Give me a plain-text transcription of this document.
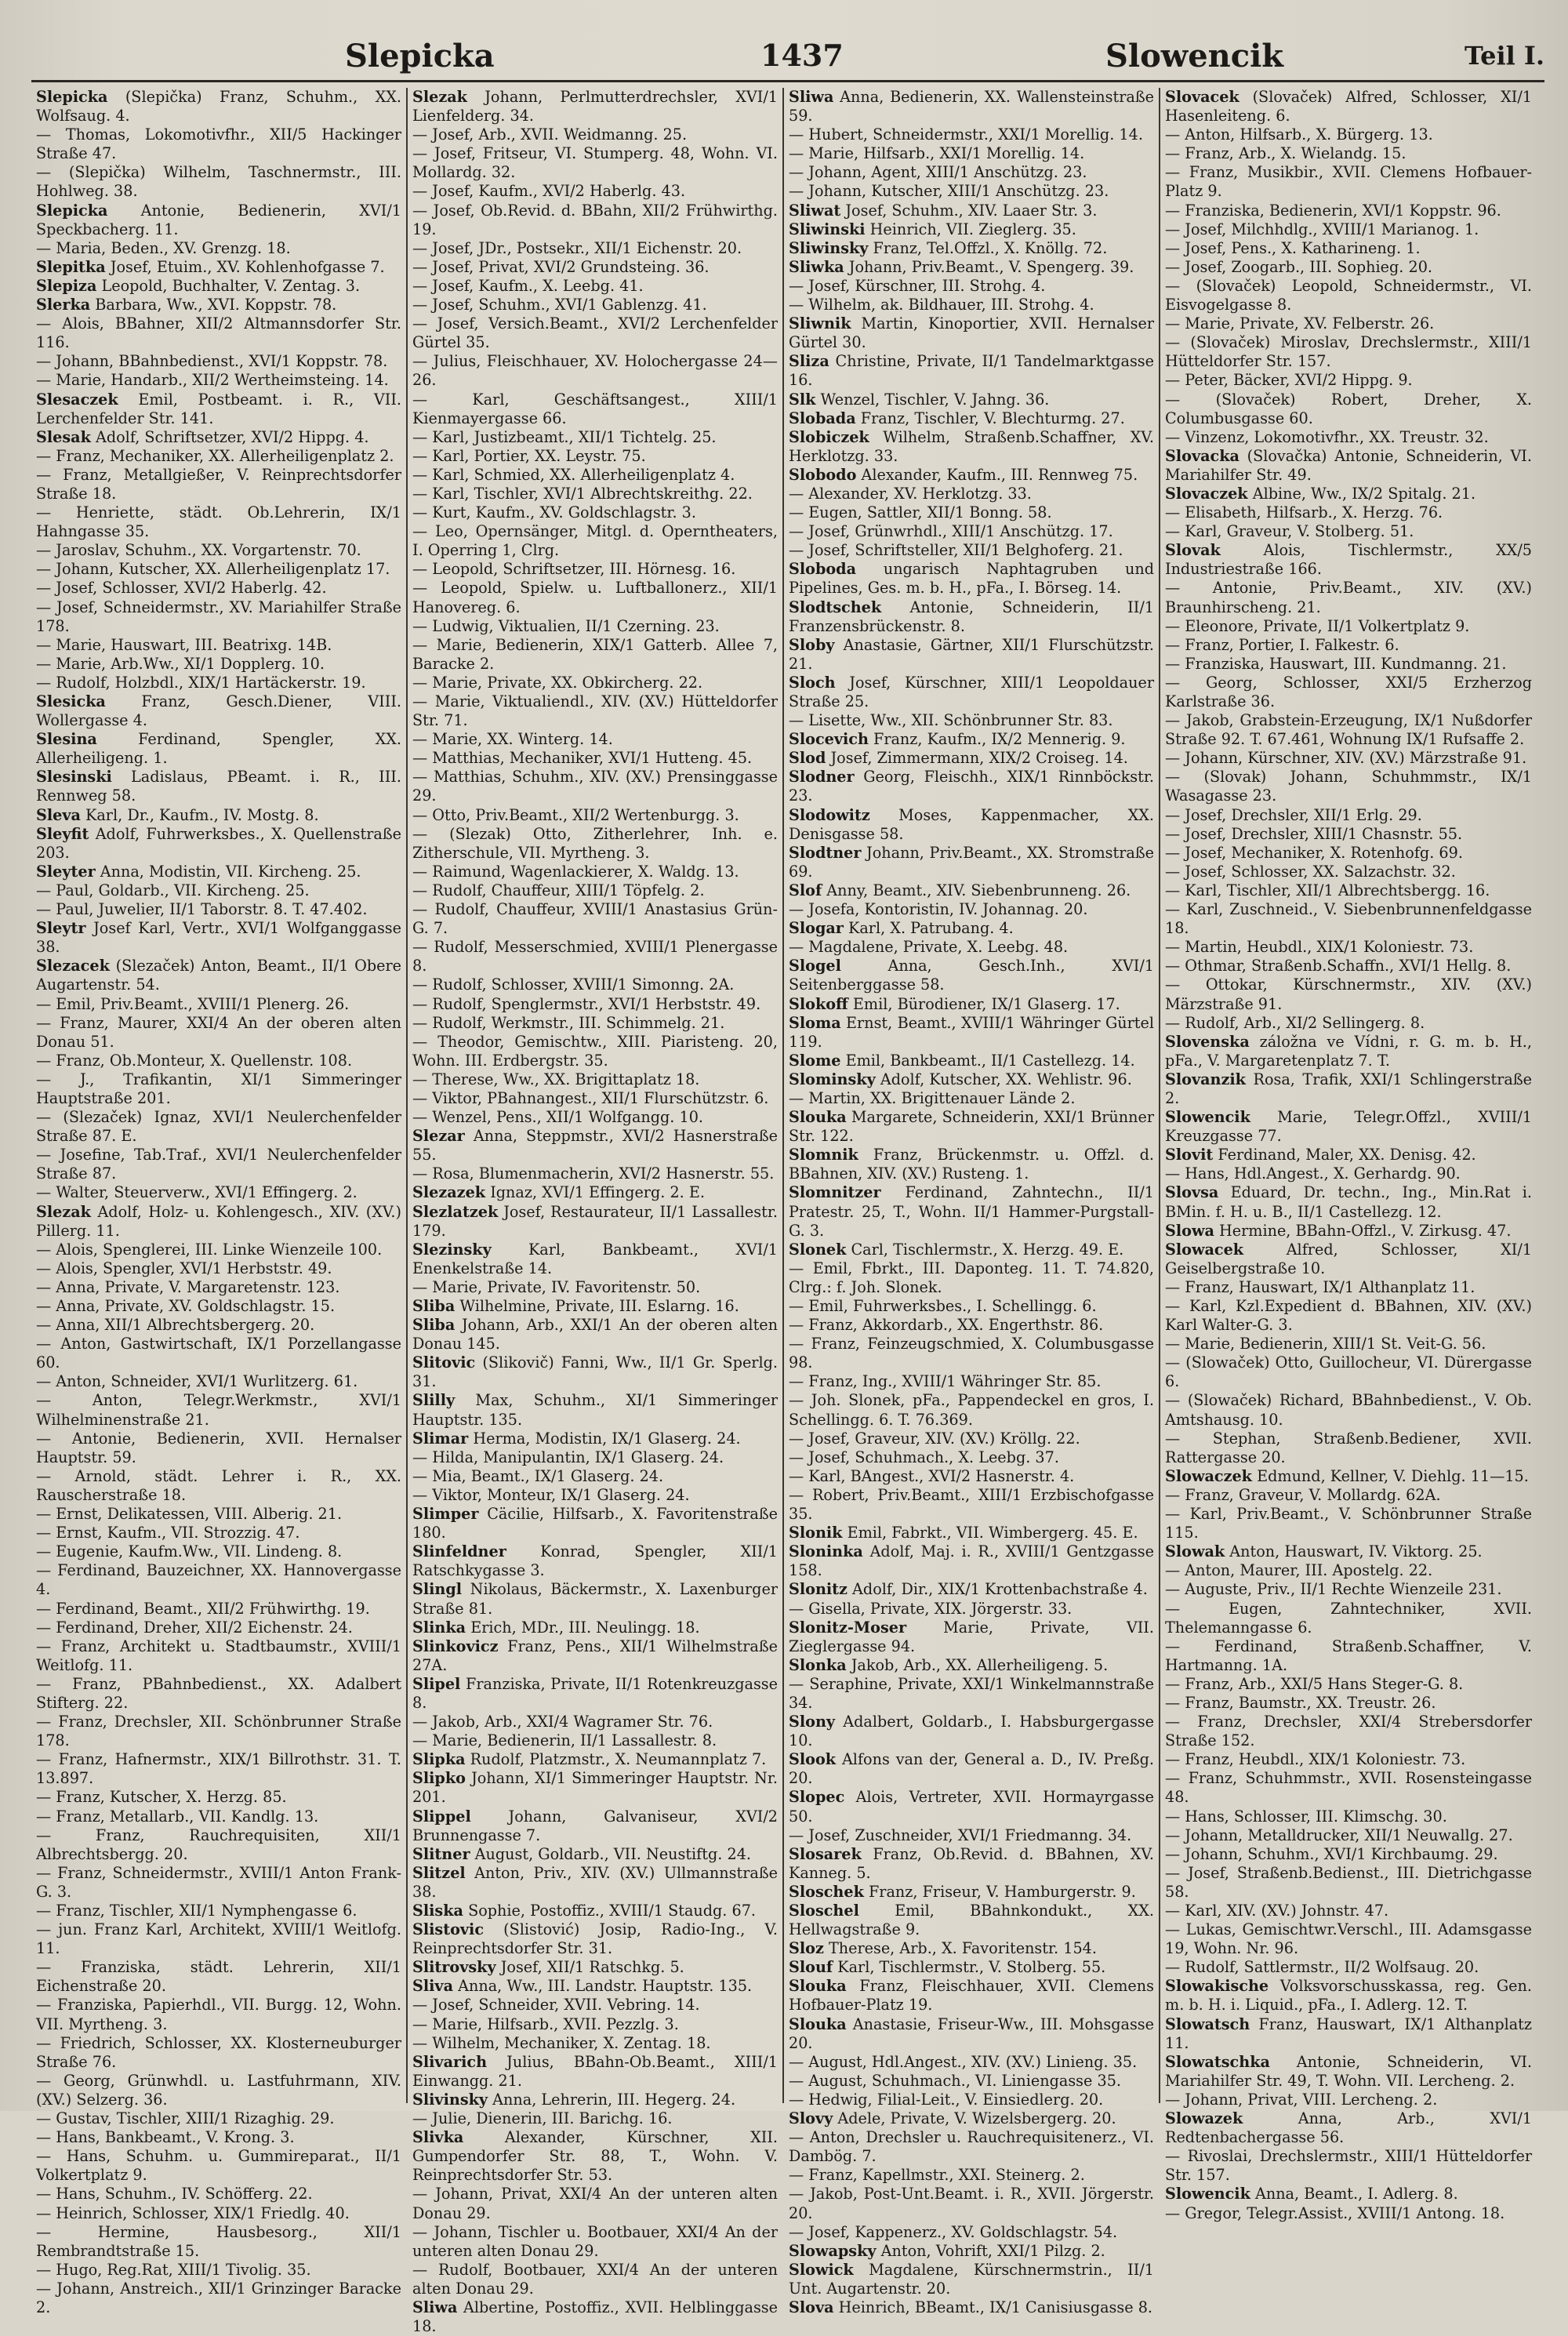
Slepicka	1437	Slowencik	Teil I.

Slepicka (Slepička) Franz, Schuhm., XX. Wolfsaug. 4.

— Thomas, Lokomotivfhr., XII/5 Hackinger Straße 47.

— (Slepička) Wilhelm, Taschnermstr., III. Hohlweg. 38.

Slepicka Antonie, Bedienerin, XVI/1 Speckbacherg. 11.

— Maria, Beden., XV. Grenzg. 18.

Slepitka Josef, Etuim., XV. Kohlenhofgasse 7.

Slepiza Leopold, Buchhalter, V. Zentag. 3.

Slerka Barbara, Ww., XVI. Koppstr. 78.

— Alois, BBahner, XII/2 Altmannsdorfer Str. 116.

— Johann, BBahnbedienst., XVI/1 Koppstr. 78.

— Marie, Handarb., XII/2 Wertheimsteing. 14.

Slesaczek Emil, Postbeamt. i. R., VII. Lerchenfelder Str. 141.

Slesak Adolf, Schriftsetzer, XVI/2 Hippg. 4.

— Franz, Mechaniker, XX. Allerheiligenplatz 2.

— Franz, Metallgießer, V. Reinprechtsdorfer Straße 18.

— Henriette, städt. Ob.Lehrerin, IX/1 Hahngasse 35.

— Jaroslav, Schuhm., XX. Vorgartenstr. 70.

— Johann, Kutscher, XX. Allerheiligenplatz 17.

— Josef, Schlosser, XVI/2 Haberlg. 42.

— Josef, Schneidermstr., XV. Mariahilfer Straße 178.

— Marie, Hauswart, III. Beatrixg. 14B.

— Marie, Arb.Ww., XI/1 Dopplerg. 10.

— Rudolf, Holzbdl., XIX/1 Hartäckerstr. 19.

Slesicka Franz, Gesch.Diener, VIII. Wollergasse 4.

Slesina Ferdinand, Spengler, XX. Allerheiligeng. 1.

Slesinski Ladislaus, PBeamt. i. R., III. Rennweg 58.

Sleva Karl, Dr., Kaufm., IV. Mostg. 8.

Sleyfit Adolf, Fuhrwerksbes., X. Quellenstraße 203.

Sleyter Anna, Modistin, VII. Kircheng. 25.

— Paul, Goldarb., VII. Kircheng. 25.

— Paul, Juwelier, II/1 Taborstr. 8. T. 47.402.

Sleytr Josef Karl, Vertr., XVI/1 Wolfganggasse 38.

Slezacek (Slezaček) Anton, Beamt., II/1 Obere Augartenstr. 54.

— Emil, Priv.Beamt., XVIII/1 Plenerg. 26.

— Franz, Maurer, XXI/4 An der oberen alten Donau 51.

— Franz, Ob.Monteur, X. Quellenstr. 108.

— J., Trafikantin, XI/1 Simmeringer Hauptstraße 201.

— (Slezaček) Ignaz, XVI/1 Neulerchenfelder Straße 87. E.

— Josefine, Tab.Traf., XVI/1 Neulerchenfelder Straße 87.

— Walter, Steuerverw., XVI/1 Effingerg. 2.

Slezak Adolf, Holz- u. Kohlengesch., XIV. (XV.) Pillerg. 11.

— Alois, Spenglerei, III. Linke Wienzeile 100.

— Alois, Spengler, XVI/1 Herbststr. 49.

— Anna, Private, V. Margaretenstr. 123.

— Anna, Private, XV. Goldschlagstr. 15.

— Anna, XII/1 Albrechtsbergerg. 20.

— Anton, Gastwirtschaft, IX/1 Porzellangasse 60.

— Anton, Schneider, XVI/1 Wurlitzerg. 61.

— Anton, Telegr.Werkmstr., XVI/1 Wilhelminenstraße 21.

— Antonie, Bedienerin, XVII. Hernalser Hauptstr. 59.

— Arnold, städt. Lehrer i. R., XX. Rauscherstraße 18.

— Ernst, Delikatessen, VIII. Alberig. 21.

— Ernst, Kaufm., VII. Strozzig. 47.

— Eugenie, Kaufm.Ww., VII. Lindeng. 8.

— Ferdinand, Bauzeichner, XX. Hannovergasse 4.

— Ferdinand, Beamt., XII/2 Frühwirthg. 19.

— Ferdinand, Dreher, XII/2 Eichenstr. 24.

— Franz, Architekt u. Stadtbaumstr., XVIII/1 Weitlofg. 11.

— Franz, PBahnbedienst., XX. Adalbert Stifterg. 22.

— Franz, Drechsler, XII. Schönbrunner Straße 178.

— Franz, Hafnermstr., XIX/1 Billrothstr. 31. T. 13.897.

— Franz, Kutscher, X. Herzg. 85.

— Franz, Metallarb., VII. Kandlg. 13.

— Franz, Rauchrequisiten, XII/1 Albrechtsbergg. 20.

— Franz, Schneidermstr., XVIII/1 Anton Frank-G. 3.

— Franz, Tischler, XII/1 Nymphengasse 6.

— jun. Franz Karl, Architekt, XVIII/1 Weitlofg. 11.

— Franziska, städt. Lehrerin, XII/1 Eichenstraße 20.

— Franziska, Papierhdl., VII. Burgg. 12, Wohn. VII. Myrtheng. 3.

— Friedrich, Schlosser, XX. Klosterneuburger Straße 76.

— Georg, Grünwhdl. u. Lastfuhrmann, XIV. (XV.) Selzerg. 36.

— Gustav, Tischler, XIII/1 Rizaghig. 29.

— Hans, Bankbeamt., V. Krong. 3.

— Hans, Schuhm. u. Gummireparat., II/1 Volkertplatz 9.

— Hans, Schuhm., IV. Schöfferg. 22.

— Heinrich, Schlosser, XIX/1 Friedlg. 40.

— Hermine, Hausbesorg., XII/1 Rembrandtstraße 15.

— Hugo, Reg.Rat, XIII/1 Tivolig. 35.

— Johann, Anstreich., XII/1 Grinzinger Baracke 2.

Slezak Johann, Perlmutterdrechsler, XVI/1 Lienfelderg. 34.

— Josef, Arb., XVII. Weidmanng. 25.

— Josef, Fritseur, VI. Stumperg. 48, Wohn. VI. Mollardg. 32.

— Josef, Kaufm., XVI/2 Haberlg. 43.

— Josef, Ob.Revid. d. BBahn, XII/2 Frühwirthg. 19.

— Josef, JDr., Postsekr., XII/1 Eichenstr. 20.

— Josef, Privat, XVI/2 Grundsteing. 36.

— Josef, Kaufm., X. Leebg. 41.

— Josef, Schuhm., XVI/1 Gablenzg. 41.

— Josef, Versich.Beamt., XVI/2 Lerchenfelder Gürtel 35.

— Julius, Fleischhauer, XV. Holochergasse 24—26.

— Karl, Geschäftsangest., XIII/1 Kienmayergasse 66.

— Karl, Justizbeamt., XII/1 Tichtelg. 25.

— Karl, Portier, XX. Leystr. 75.

— Karl, Schmied, XX. Allerheiligenplatz 4.

— Karl, Tischler, XVI/1 Albrechtskreithg. 22.

— Kurt, Kaufm., XV. Goldschlagstr. 3.

— Leo, Opernsänger, Mitgl. d. Operntheaters, I. Operring 1, Clrg.

— Leopold, Schriftsetzer, III. Hörnesg. 16.

— Leopold, Spielw. u. Luftballonerz., XII/1 Hanovereg. 6.

— Ludwig, Viktualien, II/1 Czerning. 23.

— Marie, Bedienerin, XIX/1 Gatterb. Allee 7, Baracke 2.

— Marie, Private, XX. Obkircherg. 22.

— Marie, Viktualiendl., XIV. (XV.) Hütteldorfer Str. 71.

— Marie, XX. Winterg. 14.

— Matthias, Mechaniker, XVI/1 Hutteng. 45.

— Matthias, Schuhm., XIV. (XV.) Prensinggasse 29.

— Otto, Priv.Beamt., XII/2 Wertenburgg. 3.

— (Slezak) Otto, Zitherlehrer, Inh. e. Zitherschule, VII. Myrtheng. 3.

— Raimund, Wagenlackierer, X. Waldg. 13.

— Rudolf, Chauffeur, XIII/1 Töpfelg. 2.

— Rudolf, Chauffeur, XVIII/1 Anastasius Grün-G. 7.

— Rudolf, Messerschmied, XVIII/1 Plenergasse 8.

— Rudolf, Schlosser, XVIII/1 Simonng. 2A.

— Rudolf, Spenglermstr., XVI/1 Herbststr. 49.

— Rudolf, Werkmstr., III. Schimmelg. 21.

— Theodor, Gemischtw., XIII. Piaristeng. 20, Wohn. III. Erdbergstr. 35.

— Therese, Ww., XX. Brigittaplatz 18.

— Viktor, PBahnangest., XII/1 Flurschützstr. 6.

— Wenzel, Pens., XII/1 Wolfgangg. 10.

Slezar Anna, Steppmstr., XVI/2 Hasnerstraße 55.

— Rosa, Blumenmacherin, XVI/2 Hasnerstr. 55.

Slezazek Ignaz, XVI/1 Effingerg. 2. E.

Slezlatzek Josef, Restaurateur, II/1 Lassallestr. 179.

Slezinsky Karl, Bankbeamt., XVI/1 Enenkelstraße 14.

— Marie, Private, IV. Favoritenstr. 50.

Sliba Wilhelmine, Private, III. Eslarng. 16.

Sliba Johann, Arb., XXI/1 An der oberen alten Donau 145.

Slitovic (Slikovič) Fanni, Ww., II/1 Gr. Sperlg. 31.

Slilly Max, Schuhm., XI/1 Simmeringer Hauptstr. 135.

Slimar Herma, Modistin, IX/1 Glaserg. 24.

— Hilda, Manipulantin, IX/1 Glaserg. 24.

— Mia, Beamt., IX/1 Glaserg. 24.

— Viktor, Monteur, IX/1 Glaserg. 24.

Slimper Cäcilie, Hilfsarb., X. Favoritenstraße 180.

Slinfeldner Konrad, Spengler, XII/1 Ratschkygasse 3.

Slingl Nikolaus, Bäckermstr., X. Laxenburger Straße 81.

Slinka Erich, MDr., III. Neulingg. 18.

Slinkovicz Franz, Pens., XII/1 Wilhelmstraße 27A.

Slipel Franziska, Private, II/1 Rotenkreuzgasse 8.

— Jakob, Arb., XXI/4 Wagramer Str. 76.

— Marie, Bedienerin, II/1 Lassallestr. 8.

Slipka Rudolf, Platzmstr., X. Neumannplatz 7.

Slipko Johann, XI/1 Simmeringer Hauptstr. Nr. 201.

Slippel Johann, Galvaniseur, XVI/2 Brunnengasse 7.

Slitner August, Goldarb., VII. Neustiftg. 24.

Slitzel Anton, Priv., XIV. (XV.) Ullmannstraße 38.

Sliska Sophie, Postoffiz., XVIII/1 Staudg. 67.

Slistovic (Slistović) Josip, Radio-Ing., V. Reinprechtsdorfer Str. 31.

Slitrovsky Josef, XII/1 Ratschkg. 5.

Sliva Anna, Ww., III. Landstr. Hauptstr. 135.

— Josef, Schneider, XVII. Vebring. 14.

— Marie, Hilfsarb., XVII. Pezzlg. 3.

— Wilhelm, Mechaniker, X. Zentag. 18.

Slivarich Julius, BBahn-Ob.Beamt., XIII/1 Einwangg. 21.

Slivinsky Anna, Lehrerin, III. Hegerg. 24.

— Julie, Dienerin, III. Barichg. 16.

Slivka Alexander, Kürschner, XII. Gumpendorfer Str. 88, T., Wohn. V. Reinprechtsdorfer Str. 53.

— Johann, Privat, XXI/4 An der unteren alten Donau 29.

— Johann, Tischler u. Bootbauer, XXI/4 An der unteren alten Donau 29.

— Rudolf, Bootbauer, XXI/4 An der unteren alten Donau 29.

Sliwa Albertine, Postoffiz., XVII. Helblinggasse 18.

Sliwa Anna, Bedienerin, XX. Wallensteinstraße 59.

— Hubert, Schneidermstr., XXI/1 Morellig. 14.

— Marie, Hilfsarb., XXI/1 Morellig. 14.

— Johann, Agent, XIII/1 Anschützg. 23.

— Johann, Kutscher, XIII/1 Anschützg. 23.

Sliwat Josef, Schuhm., XIV. Laaer Str. 3.

Sliwinski Heinrich, VII. Zieglerg. 35.

Sliwinsky Franz, Tel.Offzl., X. Knöllg. 72.

Sliwka Johann, Priv.Beamt., V. Spengerg. 39.

— Josef, Kürschner, III. Strohg. 4.

— Wilhelm, ak. Bildhauer, III. Strohg. 4.

Sliwnik Martin, Kinoportier, XVII. Hernalser Gürtel 30.

Sliza Christine, Private, II/1 Tandelmarktgasse 16.

Slk Wenzel, Tischler, V. Jahng. 36.

Slobada Franz, Tischler, V. Blechturmg. 27.

Slobiczek Wilhelm, Straßenb.Schaffner, XV. Herklotzg. 33.

Slobodo Alexander, Kaufm., III. Rennweg 75.

— Alexander, XV. Herklotzg. 33.

— Eugen, Sattler, XII/1 Bonng. 58.

— Josef, Grünwrhdl., XIII/1 Anschützg. 17.

— Josef, Schriftsteller, XII/1 Belghoferg. 21.

Sloboda ungarisch Naphtagruben und Pipelines, Ges. m. b. H., pFa., I. Börseg. 14.

Slodtschek Antonie, Schneiderin, II/1 Franzensbrückenstr. 8.

Sloby Anastasie, Gärtner, XII/1 Flurschützstr. 21.

Sloch Josef, Kürschner, XIII/1 Leopoldauer Straße 25.

— Lisette, Ww., XII. Schönbrunner Str. 83.

Slocevich Franz, Kaufm., IX/2 Mennerig. 9.

Slod Josef, Zimmermann, XIX/2 Croiseg. 14.

Slodner Georg, Fleischh., XIX/1 Rinnböckstr. 23.

Slodowitz Moses, Kappenmacher, XX. Denisgasse 58.

Slodtner Johann, Priv.Beamt., XX. Stromstraße 69.

Slof Anny, Beamt., XIV. Siebenbrunneng. 26.

— Josefa, Kontoristin, IV. Johannag. 20.

Slogar Karl, X. Patrubang. 4.

— Magdalene, Private, X. Leebg. 48.

Slogel Anna, Gesch.Inh., XVI/1 Seitenberggasse 58.

Slokoff Emil, Bürodiener, IX/1 Glaserg. 17.

Sloma Ernst, Beamt., XVIII/1 Währinger Gürtel 119.

Slome Emil, Bankbeamt., II/1 Castellezg. 14.

Slominsky Adolf, Kutscher, XX. Wehlistr. 96.

— Martin, XX. Brigittenauer Lände 2.

Slouka Margarete, Schneiderin, XXI/1 Brünner Str. 122.

Slomnik Franz, Brückenmstr. u. Offzl. d. BBahnen, XIV. (XV.) Rusteng. 1.

Slomnitzer Ferdinand, Zahntechn., II/1 Pratestr. 25, T., Wohn. II/1 Hammer-Purgstall-G. 3.

Slonek Carl, Tischlermstr., X. Herzg. 49. E.

— Emil, Fbrkt., III. Daponteg. 11. T. 74.820, Clrg.: f. Joh. Slonek.

— Emil, Fuhrwerksbes., I. Schellingg. 6.

— Franz, Akkordarb., XX. Engerthstr. 86.

— Franz, Feinzeugschmied, X. Columbusgasse 98.

— Franz, Ing., XVIII/1 Währinger Str. 85.

— Joh. Slonek, pFa., Pappendeckel en gros, I. Schellingg. 6. T. 76.369.

— Josef, Graveur, XIV. (XV.) Kröllg. 22.

— Josef, Schuhmach., X. Leebg. 37.

— Karl, BAngest., XVI/2 Hasnerstr. 4.

— Robert, Priv.Beamt., XIII/1 Erzbischofgasse 35.

Slonik Emil, Fabrkt., VII. Wimbergerg. 45. E.

Sloninka Adolf, Maj. i. R., XVIII/1 Gentzgasse 158.

Slonitz Adolf, Dir., XIX/1 Krottenbachstraße 4.

— Gisella, Private, XIX. Jörgerstr. 33.

Slonitz-Moser Marie, Private, VII. Zieglergasse 94.

Slonka Jakob, Arb., XX. Allerheiligeng. 5.

— Seraphine, Private, XXI/1 Winkelmannstraße 34.

Slony Adalbert, Goldarb., I. Habsburgergasse 10.

Slook Alfons van der, General a. D., IV. Preßg. 20.

Slopec Alois, Vertreter, XVII. Hormayrgasse 50.

— Josef, Zuschneider, XVI/1 Friedmanng. 34.

Slosarek Franz, Ob.Revid. d. BBahnen, XV. Kanneg. 5.

Sloschek Franz, Friseur, V. Hamburgerstr. 9.

Sloschel Emil, BBahnkondukt., XX. Hellwagstraße 9.

Sloz Therese, Arb., X. Favoritenstr. 154.

Slouf Karl, Tischlermstr., V. Stolberg. 55.

Slouka Franz, Fleischhauer, XVII. Clemens Hofbauer-Platz 19.

Slouka Anastasie, Friseur-Ww., III. Mohsgasse 20.

— August, Hdl.Angest., XIV. (XV.) Linieng. 35.

— August, Schuhmach., VI. Liniengasse 35.

— Hedwig, Filial-Leit., V. Einsiedlerg. 20.

Slovy Adele, Private, V. Wizelsbergerg. 20.

— Anton, Drechsler u. Rauchrequisitenerz., VI. Dambög. 7.

— Franz, Kapellmstr., XXI. Steinerg. 2.

— Jakob, Post-Unt.Beamt. i. R., XVII. Jörgerstr. 20.

— Josef, Kappenerz., XV. Goldschlagstr. 54.

Slowapsky Anton, Vohrift, XXI/1 Pilzg. 2.

Slowick Magdalene, Kürschnermstrin., II/1 Unt. Augartenstr. 20.

Slova Heinrich, BBeamt., IX/1 Canisiusgasse 8.

Slovacek (Slovaček) Alfred, Schlosser, XI/1 Hasenleiteng. 6.

— Anton, Hilfsarb., X. Bürgerg. 13.

— Franz, Arb., X. Wielandg. 15.

— Franz, Musikbir., XVII. Clemens Hofbauer-Platz 9.

— Franziska, Bedienerin, XVI/1 Koppstr. 96.

— Josef, Milchhdlg., XVIII/1 Marianog. 1.

— Josef, Pens., X. Katharineng. 1.

— Josef, Zoogarb., III. Sophieg. 20.

— (Slovaček) Leopold, Schneidermstr., VI. Eisvogelgasse 8.

— Marie, Private, XV. Felberstr. 26.

— (Slovaček) Miroslav, Drechslermstr., XIII/1 Hütteldorfer Str. 157.

— Peter, Bäcker, XVI/2 Hippg. 9.

— (Slovaček) Robert, Dreher, X. Columbusgasse 60.

— Vinzenz, Lokomotivfhr., XX. Treustr. 32.

Slovacka (Slovačka) Antonie, Schneiderin, VI. Mariahilfer Str. 49.

Slovaczek Albine, Ww., IX/2 Spitalg. 21.

— Elisabeth, Hilfsarb., X. Herzg. 76.

— Karl, Graveur, V. Stolberg. 51.

Slovak Alois, Tischlermstr., XX/5 Industriestraße 166.

— Antonie, Priv.Beamt., XIV. (XV.) Braunhirscheng. 21.

— Eleonore, Private, II/1 Volkertplatz 9.

— Franz, Portier, I. Falkestr. 6.

— Franziska, Hauswart, III. Kundmanng. 21.

— Georg, Schlosser, XXI/5 Erzherzog Karlstraße 36.

— Jakob, Grabstein-Erzeugung, IX/1 Nußdorfer Straße 92. T. 67.461, Wohnung IX/1 Rufsaffe 2.

— Johann, Kürschner, XIV. (XV.) Märzstraße 91.

— (Slovak) Johann, Schuhmmstr., IX/1 Wasagasse 23.

— Josef, Drechsler, XII/1 Erlg. 29.

— Josef, Drechsler, XIII/1 Chasnstr. 55.

— Josef, Mechaniker, X. Rotenhofg. 69.

— Josef, Schlosser, XX. Salzachstr. 32.

— Karl, Tischler, XII/1 Albrechtsbergg. 16.

— Karl, Zuschneid., V. Siebenbrunnenfeldgasse 18.

— Martin, Heubdl., XIX/1 Koloniestr. 73.

— Othmar, Straßenb.Schaffn., XVI/1 Hellg. 8.

— Ottokar, Kürschnermstr., XIV. (XV.) Märzstraße 91.

— Rudolf, Arb., XI/2 Sellingerg. 8.

Slovenska záložna ve Vídni, r. G. m. b. H., pFa., V. Margaretenplatz 7. T.

Slovanzik Rosa, Trafik, XXI/1 Schlingerstraße 2.

Slowencik Marie, Telegr.Offzl., XVIII/1 Kreuzgasse 77.

Slovit Ferdinand, Maler, XX. Denisg. 42.

— Hans, Hdl.Angest., X. Gerhardg. 90.

Slovsa Eduard, Dr. techn., Ing., Min.Rat i. BMin. f. H. u. B., II/1 Castellezg. 12.

Slowa Hermine, BBahn-Offzl., V. Zirkusg. 47.

Slowacek Alfred, Schlosser, XI/1 Geiselbergstraße 10.

— Franz, Hauswart, IX/1 Althanplatz 11.

— Karl, Kzl.Expedient d. BBahnen, XIV. (XV.) Karl Walter-G. 3.

— Marie, Bedienerin, XIII/1 St. Veit-G. 56.

— (Slowaček) Otto, Guillocheur, VI. Dürergasse 6.

— (Slowaček) Richard, BBahnbedienst., V. Ob. Amtshausg. 10.

— Stephan, Straßenb.Bediener, XVII. Rattergasse 20.

Slowaczek Edmund, Kellner, V. Diehlg. 11—15.

— Franz, Graveur, V. Mollardg. 62A.

— Karl, Priv.Beamt., V. Schönbrunner Straße 115.

Slowak Anton, Hauswart, IV. Viktorg. 25.

— Anton, Maurer, III. Apostelg. 22.

— Auguste, Priv., II/1 Rechte Wienzeile 231.

— Eugen, Zahntechniker, XVII. Thelemanngasse 6.

— Ferdinand, Straßenb.Schaffner, V. Hartmanng. 1A.

— Franz, Arb., XXI/5 Hans Steger-G. 8.

— Franz, Baumstr., XX. Treustr. 26.

— Franz, Drechsler, XXI/4 Strebersdorfer Straße 152.

— Franz, Heubdl., XIX/1 Koloniestr. 73.

— Franz, Schuhmmstr., XVII. Rosensteingasse 48.

— Hans, Schlosser, III. Klimschg. 30.

— Johann, Metalldrucker, XII/1 Neuwallg. 27.

— Johann, Schuhm., XVI/1 Kirchbaumg. 29.

— Josef, Straßenb.Bedienst., III. Dietrichgasse 58.

— Karl, XIV. (XV.) Johnstr. 47.

— Lukas, Gemischtwr.Verschl., III. Adamsgasse 19, Wohn. Nr. 96.

— Rudolf, Sattlermstr., II/2 Wolfsaug. 20.

Slowakische Volksvorschusskassa, reg. Gen. m. b. H. i. Liquid., pFa., I. Adlerg. 12. T.

Slowatsch Franz, Hauswart, IX/1 Althanplatz 11.

Slowatschka Antonie, Schneiderin, VI. Mariahilfer Str. 49, T. Wohn. VII. Lercheng. 2.

— Johann, Privat, VIII. Lercheng. 2.

Slowazek Anna, Arb., XVI/1 Redtenbachergasse 56.

— Rivoslai, Drechslermstr., XIII/1 Hütteldorfer Str. 157.

Slowencik Anna, Beamt., I. Adlerg. 8.

— Gregor, Telegr.Assist., XVIII/1 Antong. 18.
